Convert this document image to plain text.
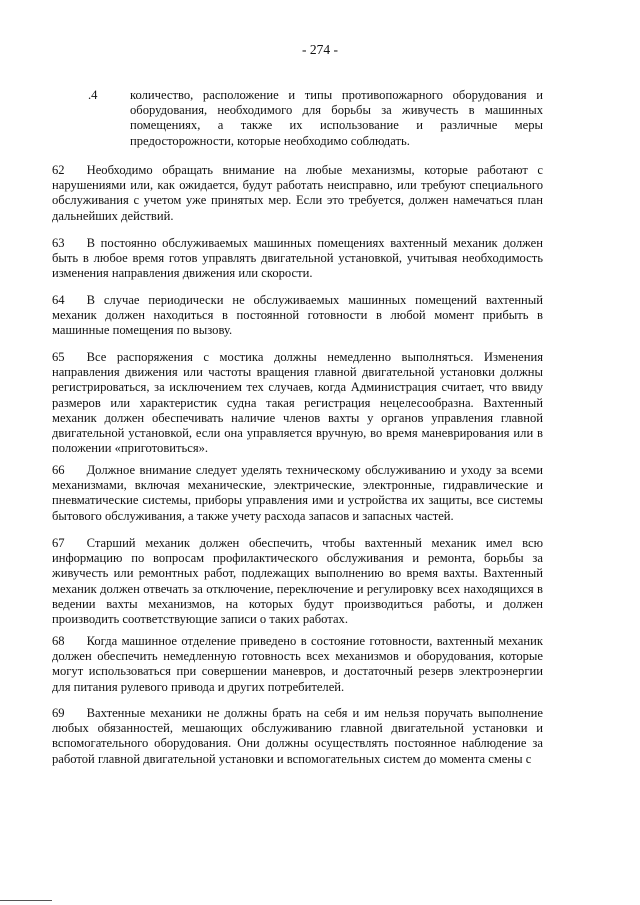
- 274 -
.4	количество, расположение и типы противопожарного оборудования и оборудования, необходимого для борьбы за живучесть в машинных помещениях, а также их использование и различные меры предосторожности, которые необходимо соблюдать.

62 Необходимо обращать внимание на любые механизмы, которые работают с нарушениями или, как ожидается, будут работать неисправно, или требуют специального обслуживания с учетом уже принятых мер. Если это требуется, должен намечаться план дальнейших действий.

63 В постоянно обслуживаемых машинных помещениях вахтенный механик должен быть в любое время готов управлять двигательной установкой, учитывая необходимость изменения направления движения или скорости.

64 В случае периодически не обслуживаемых машинных помещений вахтенный механик должен находиться в постоянной готовности в любой момент прибыть в машинные помещения по вызову.

65 Все распоряжения с мостика должны немедленно выполняться. Изменения направления движения или частоты вращения главной двигательной установки должны регистрироваться, за исключением тех случаев, когда Администрация считает, что ввиду размеров или характеристик судна такая регистрация нецелесообразна. Вахтенный механик должен обеспечивать наличие членов вахты у органов управления главной двигательной установкой, если она управляется вручную, во время маневрирования или в положении «приготовиться».

66 Должное внимание следует уделять техническому обслуживанию и уходу за всеми механизмами, включая механические, электрические, электронные, гидравлические и пневматические системы, приборы управления ими и устройства их защиты, все системы бытового обслуживания, а также учету расхода запасов и запасных частей.

67 Старший механик должен обеспечить, чтобы вахтенный механик имел всю информацию по вопросам профилактического обслуживания и ремонта, борьбы за живучесть или ремонтных работ, подлежащих выполнению во время вахты. Вахтенный механик должен отвечать за отключение, переключение и регулировку всех находящихся в ведении вахты механизмов, на которых будут производиться работы, и должен производить соответствующие записи о таких работах.

68 Когда машинное отделение приведено в состояние готовности, вахтенный механик должен обеспечить немедленную готовность всех механизмов и оборудования, которые могут использоваться при совершении маневров, и достаточный резерв электроэнергии для питания рулевого привода и других потребителей.

69 Вахтенные механики не должны брать на себя и им нельзя поручать выполнение любых обязанностей, мешающих обслуживанию главной двигательной установки и вспомогательного оборудования. Они должны осуществлять постоянное наблюдение за работой главной двигательной установки и вспомогательных систем до момента смены с
